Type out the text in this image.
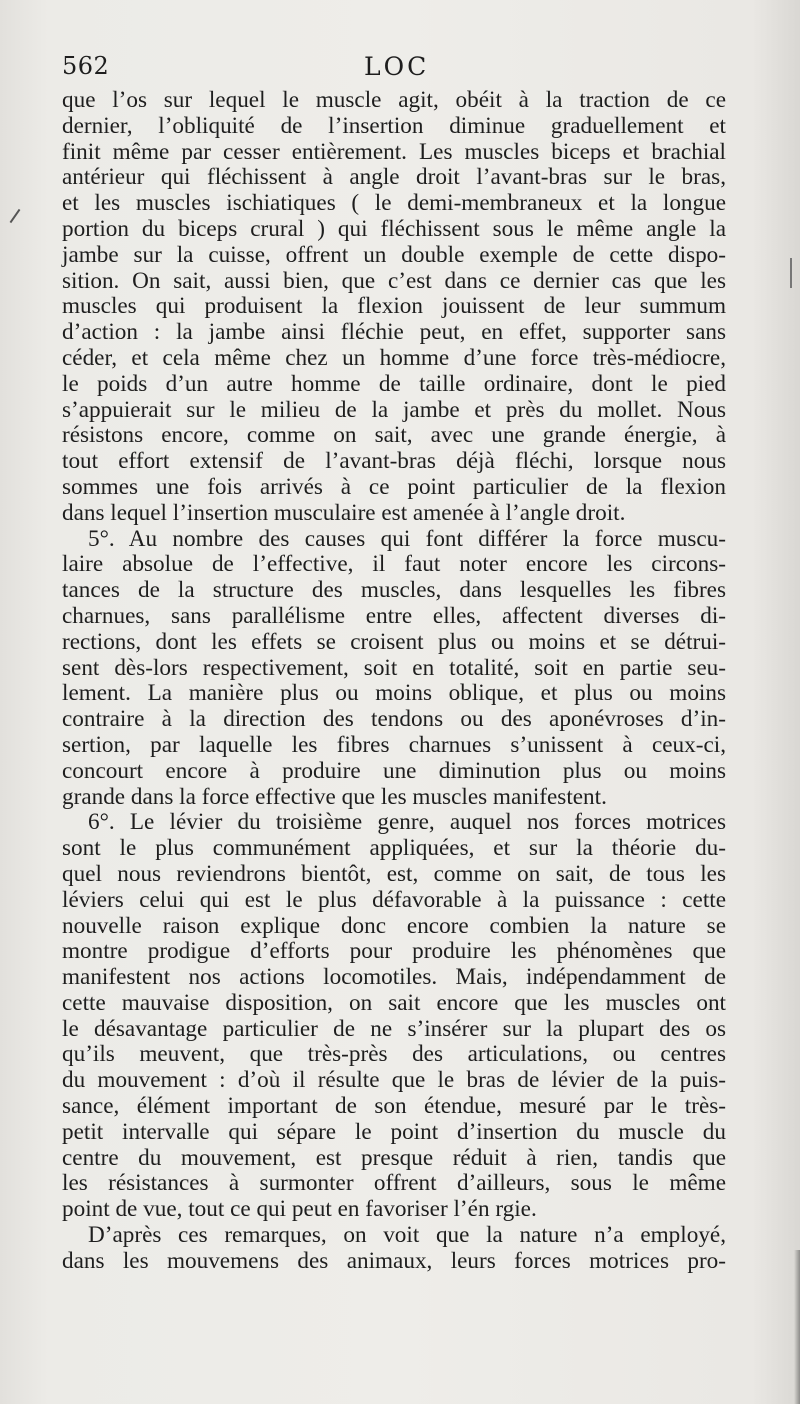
562	LOC
que l’os sur lequel le muscle agit, obéit à la traction de ce
dernier, l’obliquité de l’insertion diminue graduellement et
finit même par cesser entièrement. Les muscles biceps et brachial
antérieur qui fléchissent à angle droit l’avant-bras sur le bras,
et les muscles ischiatiques ( le demi-membraneux et la longue
portion du biceps crural ) qui fléchissent sous le même angle la
jambe sur la cuisse, offrent un double exemple de cette dispo-
sition. On sait, aussi bien, que c’est dans ce dernier cas que les
muscles qui produisent la flexion jouissent de leur summum
d’action : la jambe ainsi fléchie peut, en effet, supporter sans
céder, et cela même chez un homme d’une force très-médiocre,
le poids d’un autre homme de taille ordinaire, dont le pied
s’appuierait sur le milieu de la jambe et près du mollet. Nous
résistons encore, comme on sait, avec une grande énergie, à
tout effort extensif de l’avant-bras déjà fléchi, lorsque nous
sommes une fois arrivés à ce point particulier de la flexion
dans lequel l’insertion musculaire est amenée à l’angle droit.
5°. Au nombre des causes qui font différer la force muscu-
laire absolue de l’effective, il faut noter encore les circons-
tances de la structure des muscles, dans lesquelles les fibres
charnues, sans parallélisme entre elles, affectent diverses di-
rections, dont les effets se croisent plus ou moins et se détrui-
sent dès-lors respectivement, soit en totalité, soit en partie seu-
lement. La manière plus ou moins oblique, et plus ou moins
contraire à la direction des tendons ou des aponévroses d’in-
sertion, par laquelle les fibres charnues s’unissent à ceux-ci,
concourt encore à produire une diminution plus ou moins
grande dans la force effective que les muscles manifestent.
6°. Le lévier du troisième genre, auquel nos forces motrices
sont le plus communément appliquées, et sur la théorie du-
quel nous reviendrons bientôt, est, comme on sait, de tous les
léviers celui qui est le plus défavorable à la puissance : cette
nouvelle raison explique donc encore combien la nature se
montre prodigue d’efforts pour produire les phénomènes que
manifestent nos actions locomotiles. Mais, indépendamment de
cette mauvaise disposition, on sait encore que les muscles ont
le désavantage particulier de ne s’insérer sur la plupart des os
qu’ils meuvent, que très-près des articulations, ou centres
du mouvement : d’où il résulte que le bras de lévier de la puis-
sance, élément important de son étendue, mesuré par le très-
petit intervalle qui sépare le point d’insertion du muscle du
centre du mouvement, est presque réduit à rien, tandis que
les résistances à surmonter offrent d’ailleurs, sous le même
point de vue, tout ce qui peut en favoriser l’én rgie.
D’après ces remarques, on voit que la nature n’a employé,
dans les mouvemens des animaux, leurs forces motrices pro-
